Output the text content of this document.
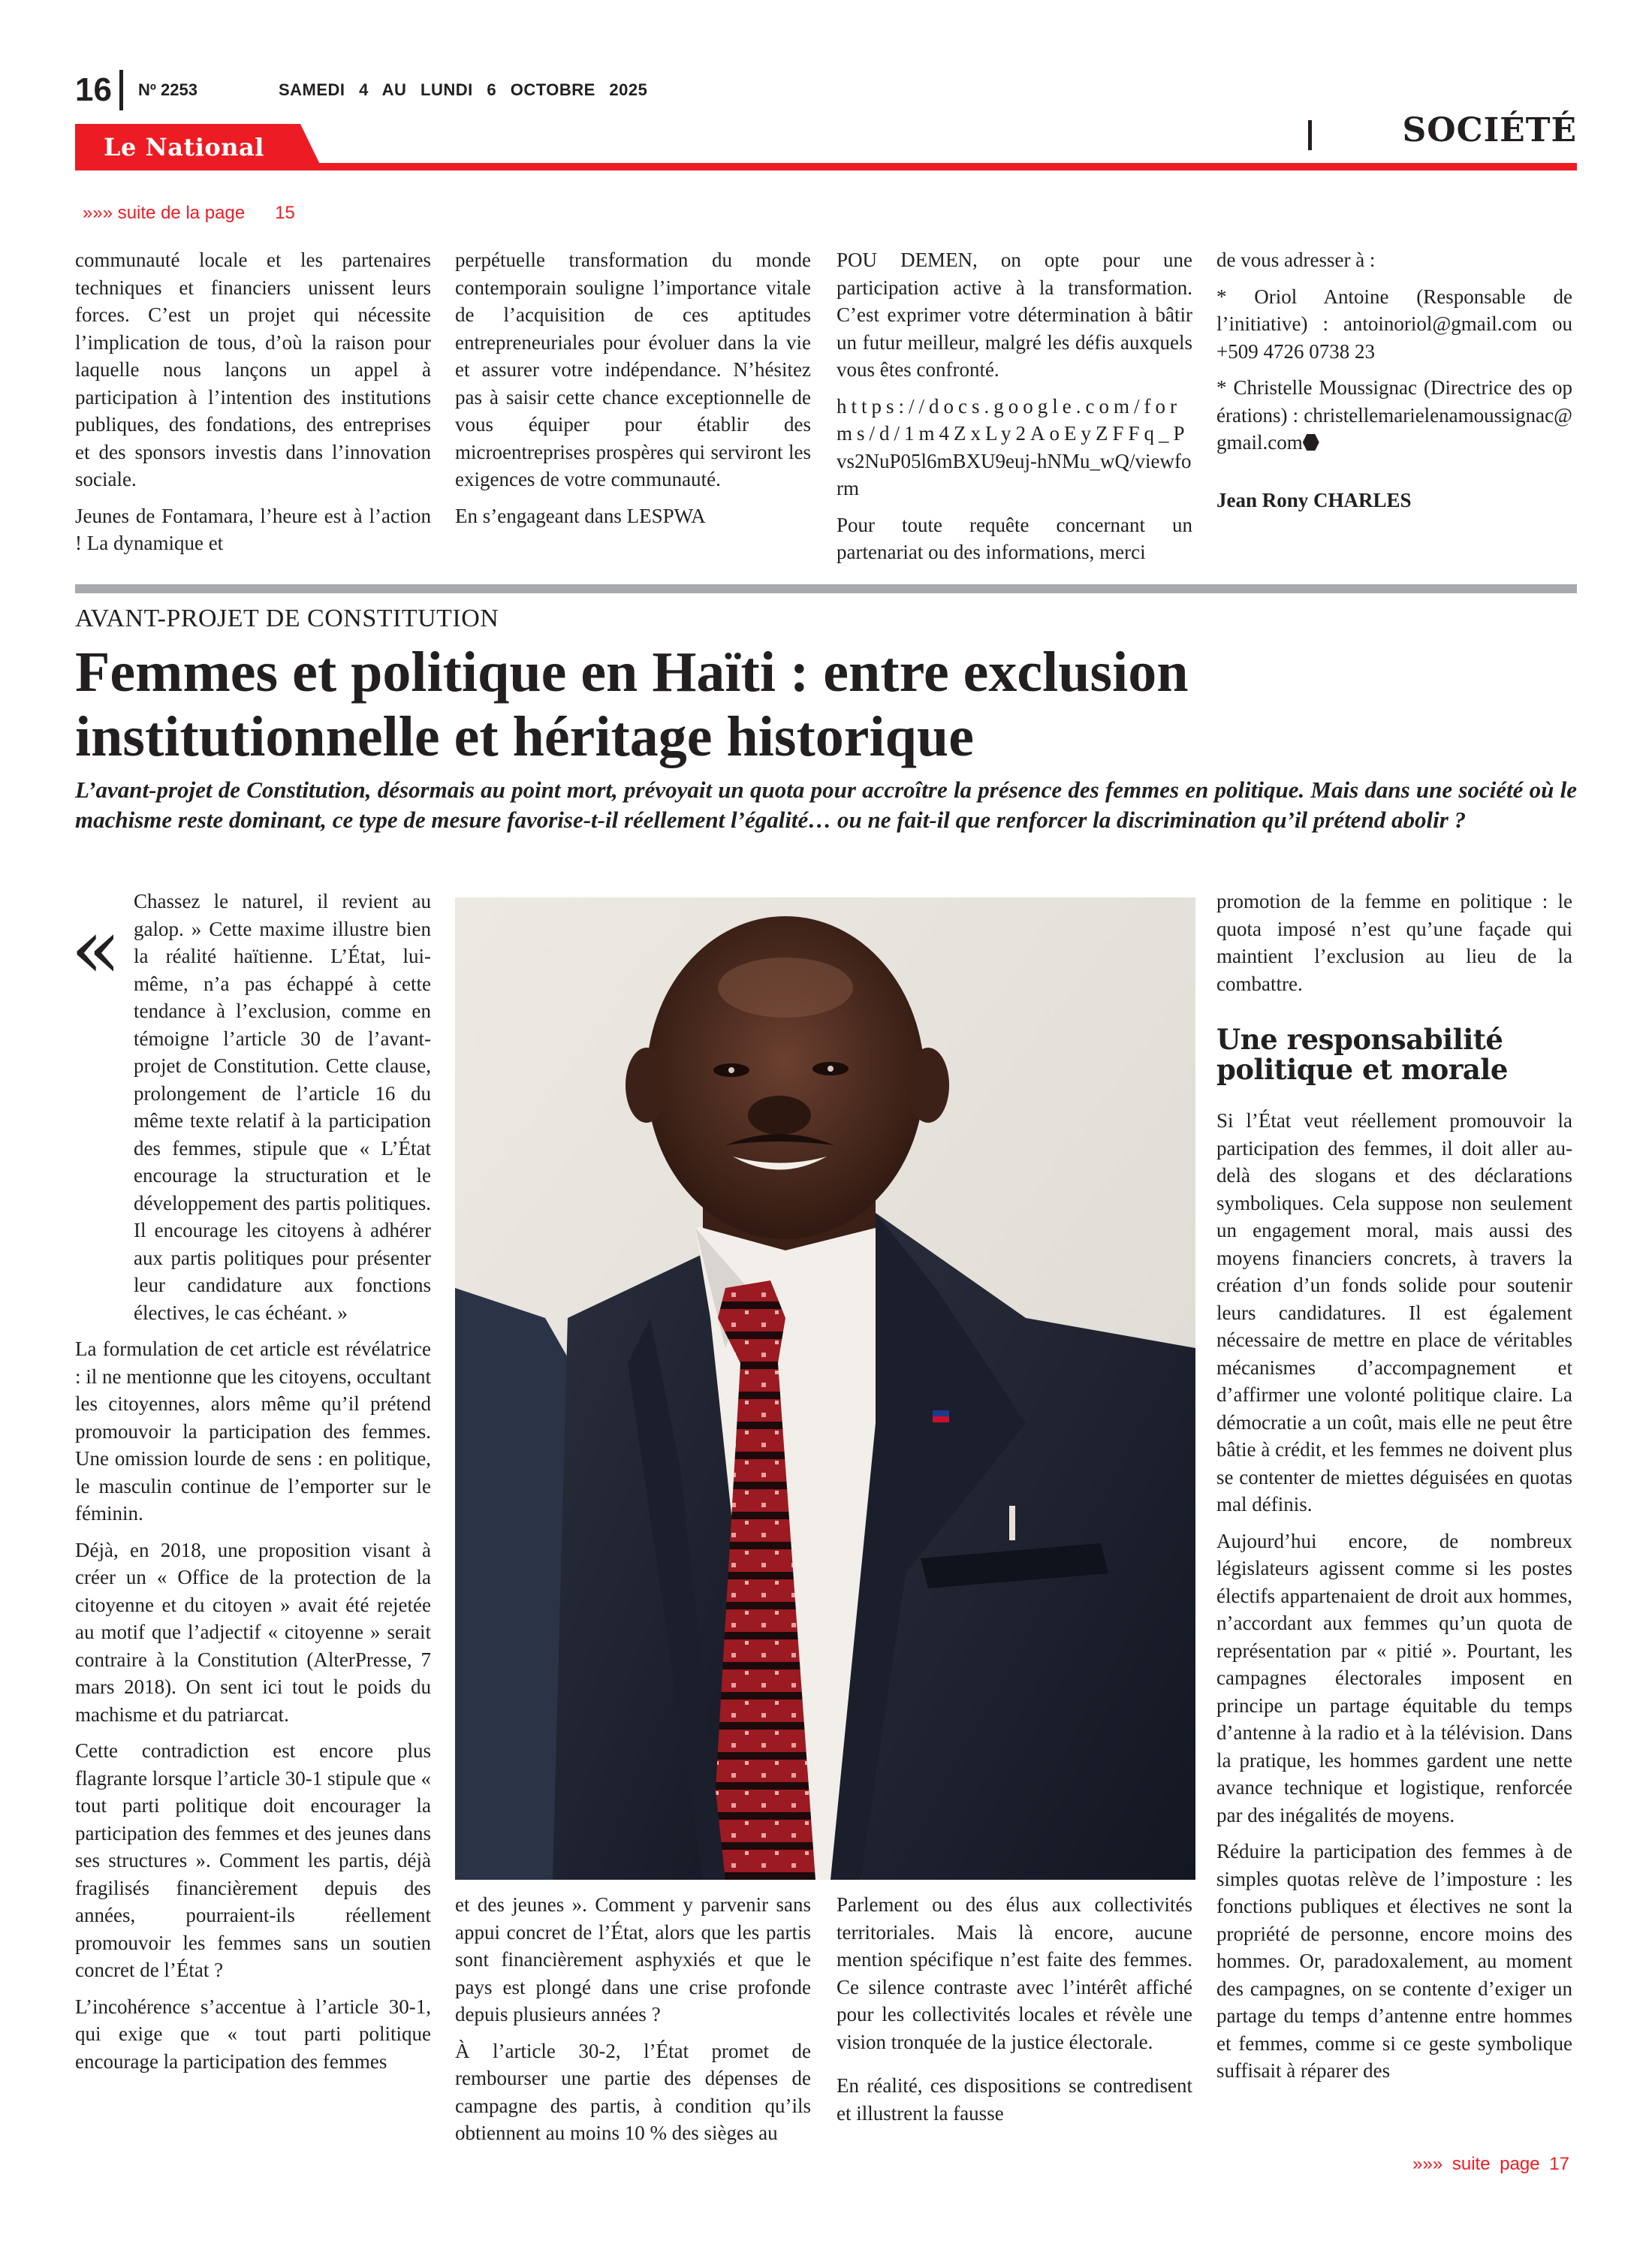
16 Nº 2253	SAMEDI 4 AU LUNDI 6 OCTOBRE 2025
Le National	SOCIÉTÉ
»»» suite de la page 15

communauté locale et les partenaires techniques et financiers unissent leurs forces. C’est un projet qui nécessite l’implication de tous, d’où la raison pour laquelle nous lançons un appel à participation à l’intention des institutions publiques, des fondations, des entreprises et des sponsors investis dans l’innovation sociale.

Jeunes de Fontamara, l’heure est à l’action ! La dynamique et

perpétuelle transformation du monde contemporain souligne l’importance vitale de l’acquisition de ces aptitudes entrepreneuriales pour évoluer dans la vie et assurer votre indépendance. N’hésitez pas à saisir cette chance exceptionnelle de vous équiper pour établir des microentreprises prospères qui serviront les exigences de votre communauté.

En s’engageant dans LESPWA

POU DEMEN, on opte pour une participation active à la transformation. C’est exprimer votre détermination à bâtir un futur meilleur, malgré les défis auxquels vous êtes confronté.

https://docs.google.com/forms/d/1m4ZxLy2AoEyZFFq_Pvs2NuP05l6mBXU9euj-hNMu_wQ/viewform

Pour toute requête concernant un partenariat ou des informations, merci

de vous adresser à :

* Oriol Antoine (Responsable de l’initiative) : antoinoriol@gmail.com ou +509 4726 0738 23

* Christelle Moussignac (Directrice des opérations) : christellemarielenamoussignac@gmail.com

Jean Rony CHARLES

AVANT-PROJET DE CONSTITUTION
Femmes et politique en Haïti : entre exclusion institutionnelle et héritage historique
L’avant-projet de Constitution, désormais au point mort, prévoyait un quota pour accroître la présence des femmes en politique. Mais dans une société où le machisme reste dominant, ce type de mesure favorise-t-il réellement l’égalité… ou ne fait-il que renforcer la discrimination qu’il prétend abolir ?

« Chassez le naturel, il revient au galop. » Cette maxime illustre bien la réalité haïtienne. L’État, lui-même, n’a pas échappé à cette tendance à l’exclusion, comme en témoigne l’article 30 de l’avant-projet de Constitution. Cette clause, prolongement de l’article 16 du même texte relatif à la participation des femmes, stipule que « L’État encourage la structuration et le développement des partis politiques. Il encourage les citoyens à adhérer aux partis politiques pour présenter leur candidature aux fonctions électives, le cas échéant. »

La formulation de cet article est révélatrice : il ne mentionne que les citoyens, occultant les citoyennes, alors même qu’il prétend promouvoir la participation des femmes. Une omission lourde de sens : en politique, le masculin continue de l’emporter sur le féminin.

Déjà, en 2018, une proposition visant à créer un « Office de la protection de la citoyenne et du citoyen » avait été rejetée au motif que l’adjectif « citoyenne » serait contraire à la Constitution (AlterPresse, 7 mars 2018). On sent ici tout le poids du machisme et du patriarcat.

Cette contradiction est encore plus flagrante lorsque l’article 30-1 stipule que « tout parti politique doit encourager la participation des femmes et des jeunes dans ses structures ». Comment les partis, déjà fragilisés financièrement depuis des années, pourraient-ils réellement promouvoir les femmes sans un soutien concret de l’État ?

L’incohérence s’accentue à l’article 30-1, qui exige que « tout parti politique encourage la participation des femmes

et des jeunes ». Comment y parvenir sans appui concret de l’État, alors que les partis sont financièrement asphyxiés et que le pays est plongé dans une crise profonde depuis plusieurs années ?

À l’article 30-2, l’État promet de rembourser une partie des dépenses de campagne des partis, à condition qu’ils obtiennent au moins 10 % des sièges au

Parlement ou des élus aux collectivités territoriales. Mais là encore, aucune mention spécifique n’est faite des femmes. Ce silence contraste avec l’intérêt affiché pour les collectivités locales et révèle une vision tronquée de la justice électorale.

En réalité, ces dispositions se contredisent et illustrent la fausse

promotion de la femme en politique : le quota imposé n’est qu’une façade qui maintient l’exclusion au lieu de la combattre.

Une responsabilité politique et morale

Si l’État veut réellement promouvoir la participation des femmes, il doit aller au-delà des slogans et des déclarations symboliques. Cela suppose non seulement un engagement moral, mais aussi des moyens financiers concrets, à travers la création d’un fonds solide pour soutenir leurs candidatures. Il est également nécessaire de mettre en place de véritables mécanismes d’accompagnement et d’affirmer une volonté politique claire. La démocratie a un coût, mais elle ne peut être bâtie à crédit, et les femmes ne doivent plus se contenter de miettes déguisées en quotas mal définis.

Aujourd’hui encore, de nombreux législateurs agissent comme si les postes électifs appartenaient de droit aux hommes, n’accordant aux femmes qu’un quota de représentation par « pitié ». Pourtant, les campagnes électorales imposent en principe un partage équitable du temps d’antenne à la radio et à la télévision. Dans la pratique, les hommes gardent une nette avance technique et logistique, renforcée par des inégalités de moyens.

Réduire la participation des femmes à de simples quotas relève de l’imposture : les fonctions publiques et électives ne sont la propriété de personne, encore moins des hommes. Or, paradoxalement, au moment des campagnes, on se contente d’exiger un partage du temps d’antenne entre hommes et femmes, comme si ce geste symbolique suffisait à réparer des

»»» suite page 17
